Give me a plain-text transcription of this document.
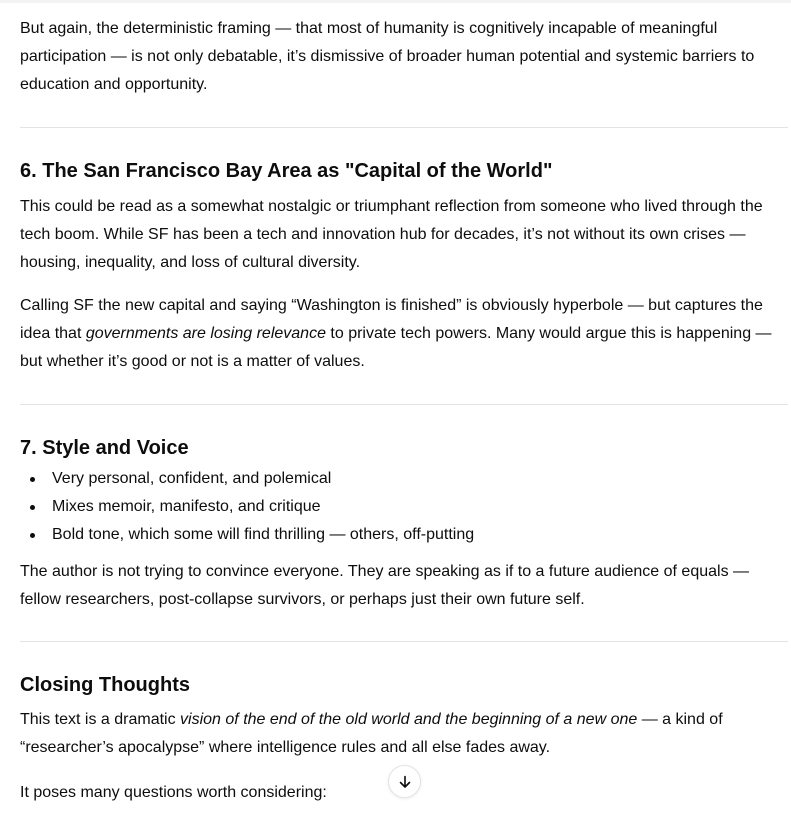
But again, the deterministic framing — that most of humanity is cognitively incapable of meaningful participation — is not only debatable, it’s dismissive of broader human potential and systemic barriers to education and opportunity.

6. The San Francisco Bay Area as "Capital of the World"

This could be read as a somewhat nostalgic or triumphant reflection from someone who lived through the tech boom. While SF has been a tech and innovation hub for decades, it’s not without its own crises — housing, inequality, and loss of cultural diversity.

Calling SF the new capital and saying “Washington is finished” is obviously hyperbole — but captures the idea that governments are losing relevance to private tech powers. Many would argue this is happening — but whether it’s good or not is a matter of values.

7. Style and Voice
Very personal, confident, and polemical
Mixes memoir, manifesto, and critique
Bold tone, which some will find thrilling — others, off-putting

The author is not trying to convince everyone. They are speaking as if to a future audience of equals — fellow researchers, post-collapse survivors, or perhaps just their own future self.

Closing Thoughts

This text is a dramatic vision of the end of the old world and the beginning of a new one — a kind of “researcher’s apocalypse” where intelligence rules and all else fades away.

It poses many questions worth considering:
